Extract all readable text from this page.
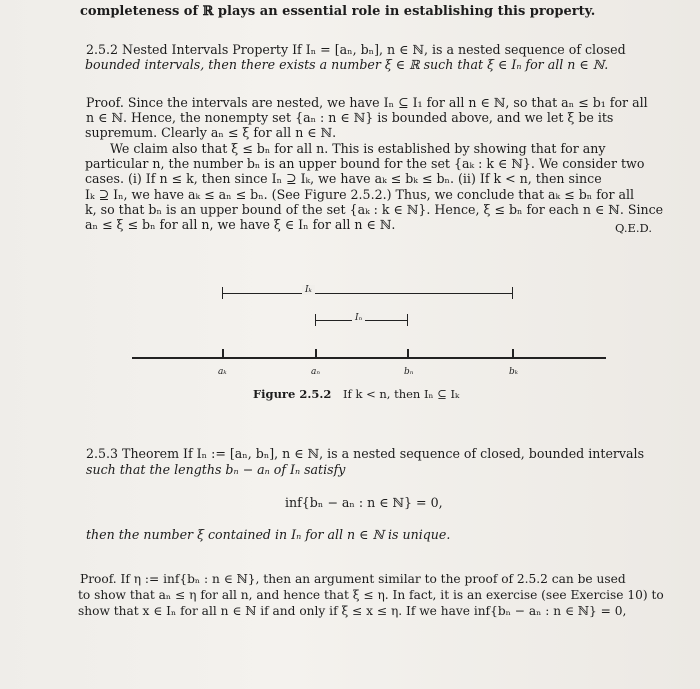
completeness of ℝ plays an essential role in establishing this property.
2.5.2 Nested Intervals Property If Iₙ = [aₙ, bₙ], n ∈ ℕ, is a nested sequence of closed
bounded intervals, then there exists a number ξ ∈ ℝ such that ξ ∈ Iₙ for all n ∈ ℕ.
Proof. Since the intervals are nested, we have Iₙ ⊆ I₁ for all n ∈ ℕ, so that aₙ ≤ b₁ for all
n ∈ ℕ. Hence, the nonempty set {aₙ : n ∈ ℕ} is bounded above, and we let ξ be its
supremum. Clearly aₙ ≤ ξ for all n ∈ ℕ.
We claim also that ξ ≤ bₙ for all n. This is established by showing that for any
particular n, the number bₙ is an upper bound for the set {aₖ : k ∈ ℕ}. We consider two
cases. (i) If n ≤ k, then since Iₙ ⊇ Iₖ, we have aₖ ≤ bₖ ≤ bₙ. (ii) If k < n, then since
Iₖ ⊇ Iₙ, we have aₖ ≤ aₙ ≤ bₙ. (See Figure 2.5.2.) Thus, we conclude that aₖ ≤ bₙ for all
k, so that bₙ is an upper bound of the set {aₖ : k ∈ ℕ}. Hence, ξ ≤ bₙ for each n ∈ ℕ. Since
aₙ ≤ ξ ≤ bₙ for all n, we have ξ ∈ Iₙ for all n ∈ ℕ.	Q.E.D.
Iₖ
Iₙ
aₖ	aₙ	bₙ	bₖ
Figure 2.5.2 If k < n, then Iₙ ⊆ Iₖ
2.5.3 Theorem If Iₙ := [aₙ, bₙ], n ∈ ℕ, is a nested sequence of closed, bounded intervals
such that the lengths bₙ − aₙ of Iₙ satisfy
inf{bₙ − aₙ : n ∈ ℕ} = 0,
then the number ξ contained in Iₙ for all n ∈ ℕ is unique.
Proof. If η := inf{bₙ : n ∈ ℕ}, then an argument similar to the proof of 2.5.2 can be used
to show that aₙ ≤ η for all n, and hence that ξ ≤ η. In fact, it is an exercise (see Exercise 10) to
show that x ∈ Iₙ for all n ∈ ℕ if and only if ξ ≤ x ≤ η. If we have inf{bₙ − aₙ : n ∈ ℕ} = 0,
